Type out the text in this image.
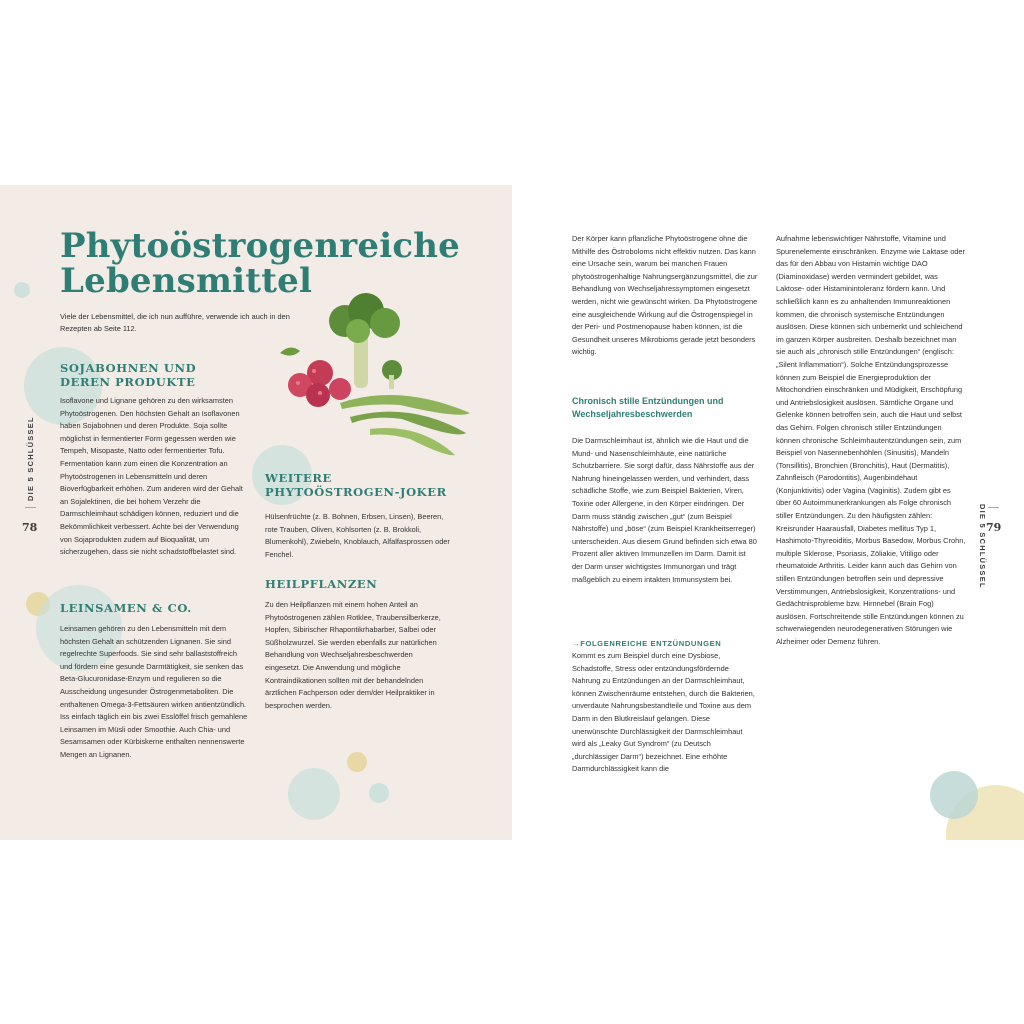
Phytoöstrogenreiche
Lebensmittel
Viele der Lebensmittel, die ich nun aufführe, verwende ich auch in den Rezepten ab Seite 112.
SOJABOHNEN UND
DEREN PRODUKTE
Isoflavone und Lignane gehören zu den wirksamsten Phytoöstrogenen. Den höchsten Gehalt an Isoflavonen haben Sojabohnen und deren Produkte. Soja sollte möglichst in fermentierter Form gegessen werden wie Tempeh, Misopaste, Natto oder fermentierter Tofu. Fermentation kann zum einen die Konzentration an Phytoöstrogenen in Lebensmitteln und deren Bioverfügbarkeit erhöhen. Zum anderen wird der Gehalt an Sojalektinen, die bei hohem Verzehr die Darmschleimhaut schädigen können, reduziert und die Bekömmlichkeit verbessert. Achte bei der Verwendung von Sojaprodukten zudem auf Bioqualität, um sicherzugehen, dass sie nicht schadstoffbelastet sind.
LEINSAMEN & CO.
Leinsamen gehören zu den Lebensmitteln mit dem höchsten Gehalt an schützenden Lignanen. Sie sind regelrechte Superfoods. Sie sind sehr ballaststoffreich und fördern eine gesunde Darmtätigkeit, sie senken das Beta-Glucuronidase-Enzym und regulieren so die Ausscheidung ungesunder Östrogenmetaboliten. Die enthaltenen Omega-3-Fettsäuren wirken antientzündlich. Iss einfach täglich ein bis zwei Esslöffel frisch gemahlene Leinsamen im Müsli oder Smoothie. Auch Chia- und Sesamsamen oder Kürbiskerne enthalten nennenswerte Mengen an Lignanen.
WEITERE
PHYTOÖSTROGEN-JOKER
Hülsenfrüchte (z. B. Bohnen, Erbsen, Linsen), Beeren, rote Trauben, Oliven, Kohlsorten (z. B. Brokkoli, Blumenkohl), Zwiebeln, Knoblauch, Alfalfasprossen oder Fenchel.
HEILPFLANZEN
Zu den Heilpflanzen mit einem hohen Anteil an Phytoöstrogenen zählen Rotklee, Traubensilberkerze, Hopfen, Sibirischer Rhapontikrhabarber, Salbei oder Süßholzwurzel. Sie werden ebenfalls zur natürlichen Behandlung von Wechseljahresbeschwerden eingesetzt. Die Anwendung und mögliche Kontraindikationen sollten mit der behandelnden ärztlichen Fachperson oder dem/der Heilpraktiker in besprochen werden.
DIE 5 SCHLÜSSEL
78
Der Körper kann pflanzliche Phytoöstrogene ohne die Mithilfe des Östroboloms nicht effektiv nutzen. Das kann eine Ursache sein, warum bei manchen Frauen phytoöstrogenhaltige Nahrungsergänzungsmittel, die zur Behandlung von Wechseljahressymptomen eingesetzt werden, nicht wie gewünscht wirken. Da Phytoöstrogene eine ausgleichende Wirkung auf die Östrogenspiegel in der Peri- und Postmenopause haben können, ist die Gesundheit unseres Mikrobioms gerade jetzt besonders wichtig.
Chronisch stille Entzündungen und
Wechseljahresbeschwerden
Die Darmschleimhaut ist, ähnlich wie die Haut und die Mund- und Nasenschleimhäute, eine natürliche Schutzbarriere. Sie sorgt dafür, dass Nährstoffe aus der Nahrung hineingelassen werden, und verhindert, dass schädliche Stoffe, wie zum Beispiel Bakterien, Viren, Toxine oder Allergene, in den Körper eindringen. Der Darm muss ständig zwischen „gut“ (zum Beispiel Nährstoffe) und „böse“ (zum Beispiel Krankheitserreger) unterscheiden. Aus diesem Grund befinden sich etwa 80 Prozent aller aktiven Immunzellen im Darm. Damit ist der Darm unser wichtigstes Immunorgan und trägt maßgeblich zu einem intakten Immunsystem bei.
→FOLGENREICHE ENTZÜNDUNGEN
Kommt es zum Beispiel durch eine Dysbiose, Schadstoffe, Stress oder entzündungsfördernde Nahrung zu Entzündungen an der Darmschleimhaut, können Zwischenräume entstehen, durch die Bakterien, unverdaute Nahrungsbestandteile und Toxine aus dem Darm in den Blutkreislauf gelangen. Diese unerwünschte Durchlässigkeit der Darmschleimhaut wird als „Leaky Gut Syndrom“ (zu Deutsch „durchlässiger Darm“) bezeichnet. Eine erhöhte Darmdurchlässigkeit kann die
Aufnahme lebenswichtiger Nährstoffe, Vitamine und Spurenelemente einschränken. Enzyme wie Laktase oder das für den Abbau von Histamin wichtige DAO (Diaminoxidase) werden vermindert gebildet, was Laktose- oder Histaminintoleranz fördern kann. Und schließlich kann es zu anhaltenden Immunreaktionen kommen, die chronisch systemische Entzündungen auslösen. Diese können sich unbemerkt und schleichend im ganzen Körper ausbreiten. Deshalb bezeichnet man sie auch als „chronisch stille Entzündungen“ (englisch: „Silent Inflammation“). Solche Entzündungsprozesse können zum Beispiel die Energieproduktion der Mitochondrien einschränken und Müdigkeit, Erschöpfung und Antriebslosigkeit auslösen. Sämtliche Organe und Gelenke können betroffen sein, auch die Haut und selbst das Gehirn. Folgen chronisch stiller Entzündungen können chronische Schleimhautentzündungen sein, zum Beispiel von Nasennebenhöhlen (Sinusitis), Mandeln (Tonsillitis), Bronchien (Bronchitis), Haut (Dermatitis), Zahnfleisch (Parodontitis), Augenbindehaut (Konjunktivitis) oder Vagina (Vaginitis). Zudem gibt es über 60 Autoimmunerkrankungen als Folge chronisch stiller Entzündungen. Zu den häufigsten zählen: Kreisrunder Haarausfall, Diabetes mellitus Typ 1, Hashimoto-Thyreoiditis, Morbus Basedow, Morbus Crohn, multiple Sklerose, Psoriasis, Zöliakie, Vitiligo oder rheumatoide Arthritis. Leider kann auch das Gehirn von stillen Entzündungen betroffen sein und depressive Verstimmungen, Antriebslosigkeit, Konzentrations- und Gedächtnisprobleme bzw. Hirnnebel (Brain Fog) auslösen. Fortschreitende stille Entzündungen können zu schwerwiegenden neurodegenerativen Störungen wie Alzheimer oder Demenz führen.
DIE 5 SCHLÜSSEL 79
